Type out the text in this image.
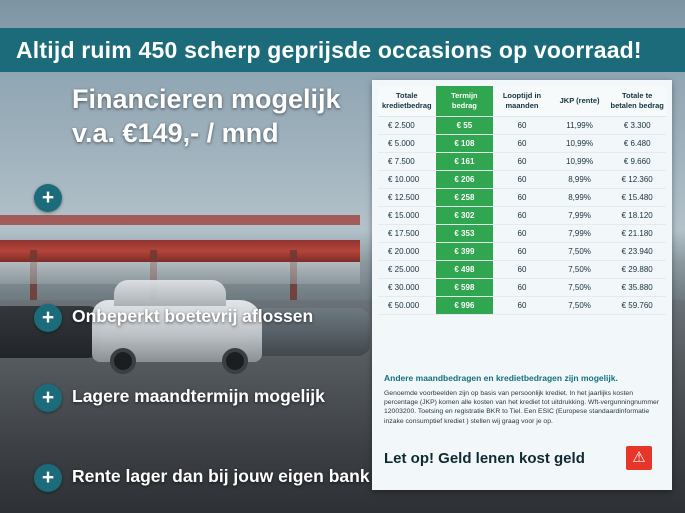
Altijd ruim 450 scherp geprijsde occasions op voorraad!
+
Financieren mogelijk
v.a. €149,- / mnd
+	Onbeperkt boetevrij aflossen
+	Lagere maandtermijn mogelijk
+	Rente lager dan bij jouw eigen bank
Totale kredietbedrag	Termijn bedrag	Looptijd in maanden	JKP (rente)	Totale te betalen bedrag
€ 2.500	€ 55	60	11,99%	€ 3.300
€ 5.000	€ 108	60	10,99%	€ 6.480
€ 7.500	€ 161	60	10,99%	€ 9.660
€ 10.000	€ 206	60	8,99%	€ 12.360
€ 12.500	€ 258	60	8,99%	€ 15.480
€ 15.000	€ 302	60	7,99%	€ 18.120
€ 17.500	€ 353	60	7,99%	€ 21.180
€ 20.000	€ 399	60	7,50%	€ 23.940
€ 25.000	€ 498	60	7,50%	€ 29.880
€ 30.000	€ 598	60	7,50%	€ 35.880
€ 50.000	€ 996	60	7,50%	€ 59.760
Andere maandbedragen en kredietbedragen zijn mogelijk.
Genoemde voorbeelden zijn op basis van persoonlijk krediet. In het jaarlijks kosten percentage (JKP) komen alle kosten van het krediet tot uitdrukking. Wft-vergunningnummer 12003200. Toetsing en registratie BKR to Tiel. Een ESIC (Europese standaardinformatie inzake consumptief krediet ) stellen wij graag voor je op.
Let op! Geld lenen kost geld	⚠
